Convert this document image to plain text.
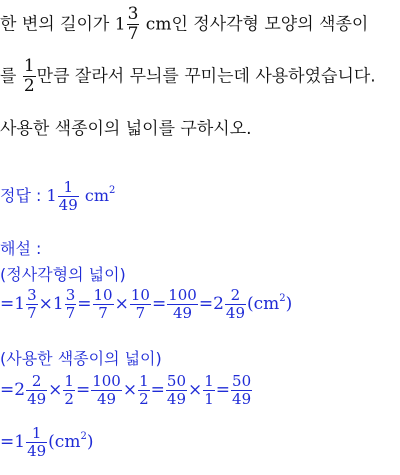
한 변의 길이가 $1 \frac{3}{7}$ cm인 정사각형 모양의 색종이
를 $\frac{1}{2}$ 만큼 잘라서 무늬를 꾸미는데 사용하였습니다.
사용한 색종이의 넓이를 구하시오.
정답 : $1 \frac{1}{49} cm^2$
해설 :
(정사각형의 넓이)
$=1 \frac{3}{7} \times 1 \frac{3}{7} = \frac{10}{7} \times \frac{10}{7} = \frac{100}{49} =2 \frac{2}{49} (cm^2)$
(사용한 색종이의 넓이)
$=2 \frac{2}{49} \times \frac{1}{2} = \frac{100}{49} \times \frac{1}{2} = \frac{50}{49} \times \frac{1}{1} = \frac{50}{49}$
$=1 \frac{1}{49} (cm^2)$
